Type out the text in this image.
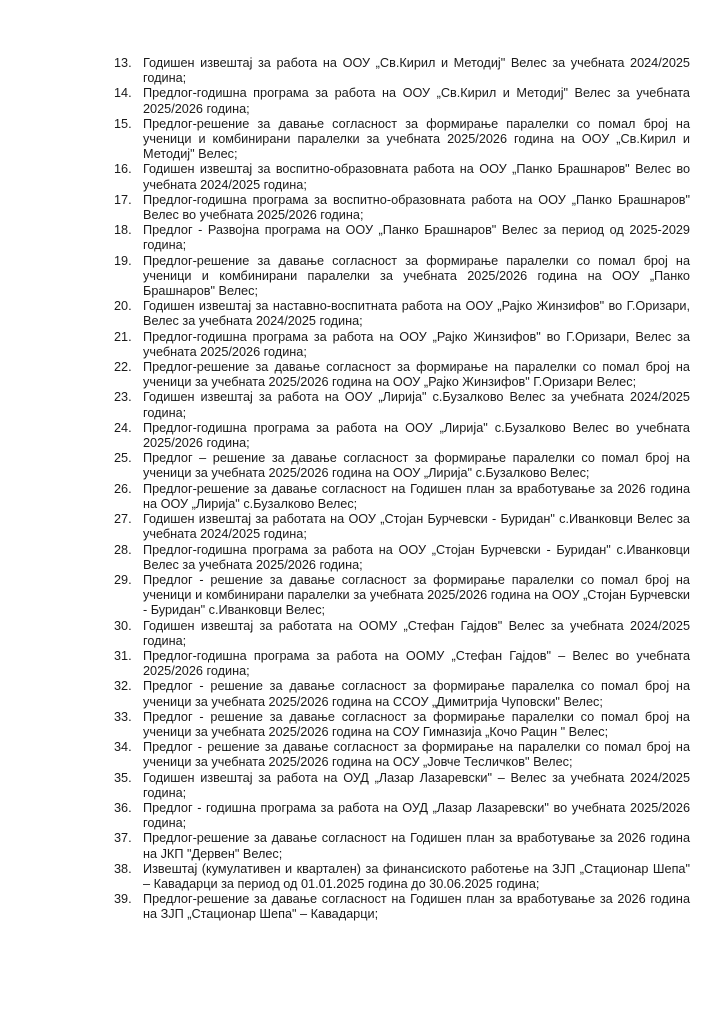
13. Годишен извештај за работа на ООУ „Св.Кирил и Методиј" Велес за учебната 2024/2025 година;
14. Предлог-годишна програма за работа на ООУ „Св.Кирил и Методиј" Велес за учебната 2025/2026 година;
15. Предлог-решение за давање согласност за формирање паралелки со помал број на ученици и комбинирани паралелки за учебната 2025/2026 година на ООУ „Св.Кирил и Методиј" Велес;
16. Годишен извештај за воспитно-образовната работа на ООУ „Панко Брашнаров" Велес во учебната 2024/2025 година;
17. Предлог-годишна програма за воспитно-образовната работа на ООУ „Панко Брашнаров" Велес во учебната 2025/2026 година;
18. Предлог - Развојна програма на ООУ „Панко Брашнаров" Велес за период од 2025-2029 година;
19. Предлог-решение за давање согласност за формирање паралелки со помал број на ученици и комбинирани паралелки за учебната 2025/2026 година на ООУ „Панко Брашнаров" Велес;
20. Годишен извештај за наставно-воспитната работа на ООУ „Рајко Жинзифов" во Г.Оризари, Велес за учебната 2024/2025 година;
21. Предлог-годишна програма за работа на ООУ „Рајко Жинзифов" во Г.Оризари, Велес за учебната 2025/2026 година;
22. Предлог-решение за давање согласност за формирање на паралелки со помал број на ученици за учебната 2025/2026 година на ООУ „Рајко Жинзифов" Г.Оризари Велес;
23. Годишен извештај за работа на ООУ „Лирија" с.Бузалково Велес за учебната 2024/2025 година;
24. Предлог-годишна програма за работа на ООУ „Лирија" с.Бузалково Велес во учебната 2025/2026 година;
25. Предлог – решение за давање согласност за формирање паралелки со помал број на ученици за учебната 2025/2026 година на ООУ „Лирија" с.Бузалково Велес;
26. Предлог-решение за давање согласност на Годишен план за вработување за 2026 година на ООУ „Лирија" с.Бузалково Велес;
27. Годишен извештај за работата на ООУ „Стојан Бурчевски - Буридан" с.Иванковци Велес за учебната 2024/2025 година;
28. Предлог-годишна програма за работа на ООУ „Стојан Бурчевски - Буридан" с.Иванковци Велес за учебната 2025/2026 година;
29. Предлог - решение за давање согласност за формирање паралелки со помал број на ученици и комбинирани паралелки за учебната 2025/2026 година на ООУ „Стојан Бурчевски - Буридан" с.Иванковци Велес;
30. Годишен извештај за работата на ООМУ „Стефан Гајдов" Велес за учебната 2024/2025 година;
31. Предлог-годишна програма за работа на ООМУ „Стефан Гајдов" – Велес во учебната 2025/2026 година;
32. Предлог - решение за давање согласност за формирање паралелка со помал број на ученици за учебната 2025/2026 година на ССОУ „Димитрија Чуповски" Велес;
33. Предлог - решение за давање согласност за формирање паралелки со помал број на ученици за учебната 2025/2026 година на СОУ Гимназија „Кочо Рацин " Велес;
34. Предлог - решение за давање согласност за формирање на паралелки со помал број на ученици за учебната 2025/2026 година на ОСУ „Јовче Тесличков" Велес;
35. Годишен извештај за работа на ОУД „Лазар Лазаревски" – Велес за учебната 2024/2025 година;
36. Предлог - годишна програма за работа на ОУД „Лазар Лазаревски" во учебната 2025/2026 година;
37. Предлог-решение за давање согласност на Годишен план за вработување за 2026 година на ЈКП "Дервен" Велес;
38. Извештај (кумулативен и квартален) за финансиското работење на ЗЈП „Стационар Шепа" – Кавадарци за период од 01.01.2025 година до 30.06.2025 година;
39. Предлог-решение за давање согласност на Годишен план за вработување за 2026 година на ЗЈП „Стационар Шепа" – Кавадарци;
